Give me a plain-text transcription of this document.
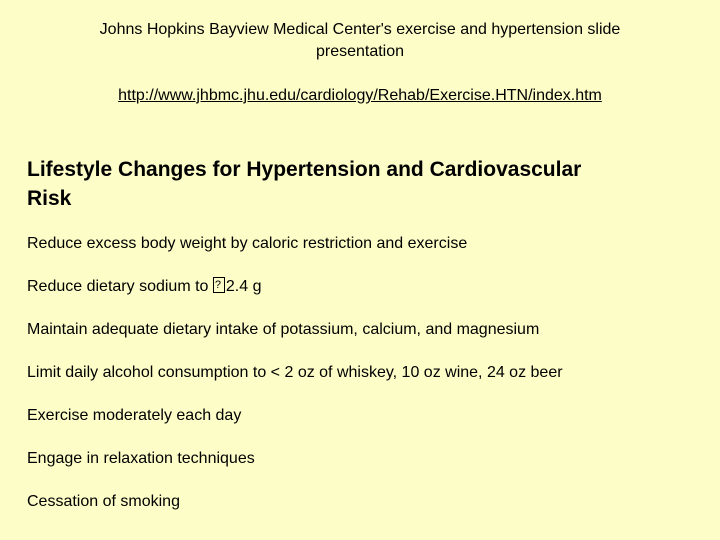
Johns Hopkins Bayview Medical Center's exercise and hypertension slide
presentation
http://www.jhbmc.jhu.edu/cardiology/Rehab/Exercise.HTN/index.htm
Lifestyle Changes for Hypertension and Cardiovascular
Risk
Reduce excess body weight by caloric restriction and exercise
Reduce dietary sodium to ?2.4 g
Maintain adequate dietary intake of potassium, calcium, and magnesium
Limit daily alcohol consumption to < 2 oz of whiskey, 10 oz wine, 24 oz beer
Exercise moderately each day
Engage in relaxation techniques
Cessation of smoking
